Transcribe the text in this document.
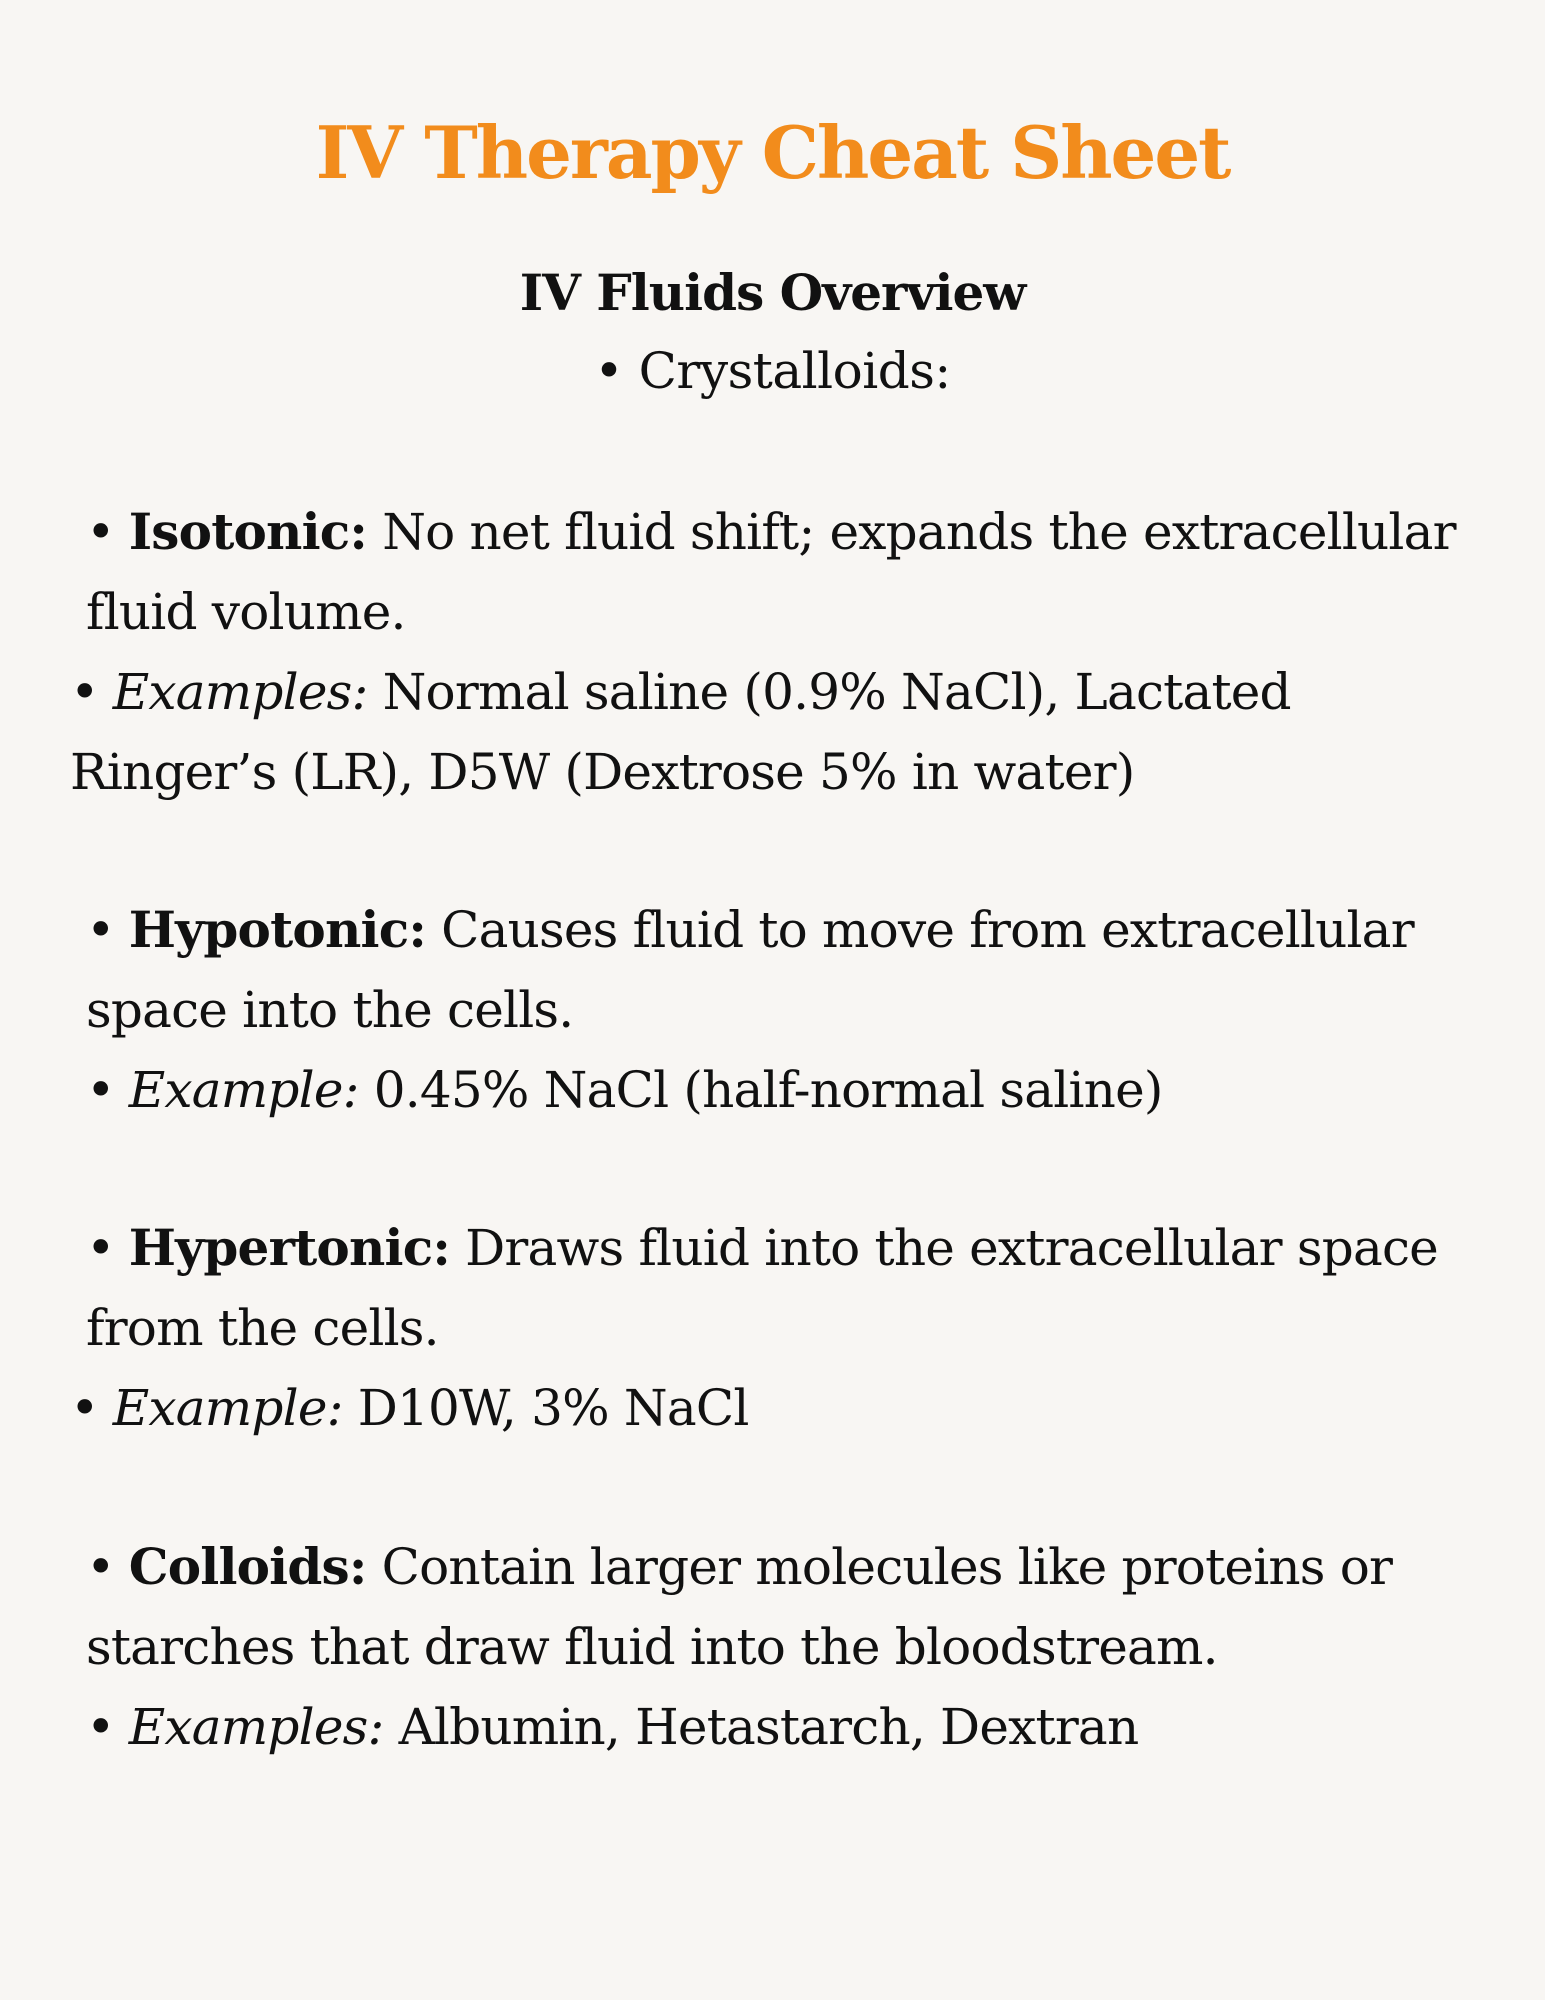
IV Therapy Cheat Sheet
IV Fluids Overview
• Crystalloids:

• Isotonic: No net fluid shift; expands the extracellular fluid volume.

• Examples: Normal saline (0.9% NaCl), Lactated Ringer’s (LR), D5W (Dextrose 5% in water)

• Hypotonic: Causes fluid to move from extracellular space into the cells.

• Example: 0.45% NaCl (half-normal saline)

• Hypertonic: Draws fluid into the extracellular space from the cells.

• Example: D10W, 3% NaCl

• Colloids: Contain larger molecules like proteins or starches that draw fluid into the bloodstream.

• Examples: Albumin, Hetastarch, Dextran
